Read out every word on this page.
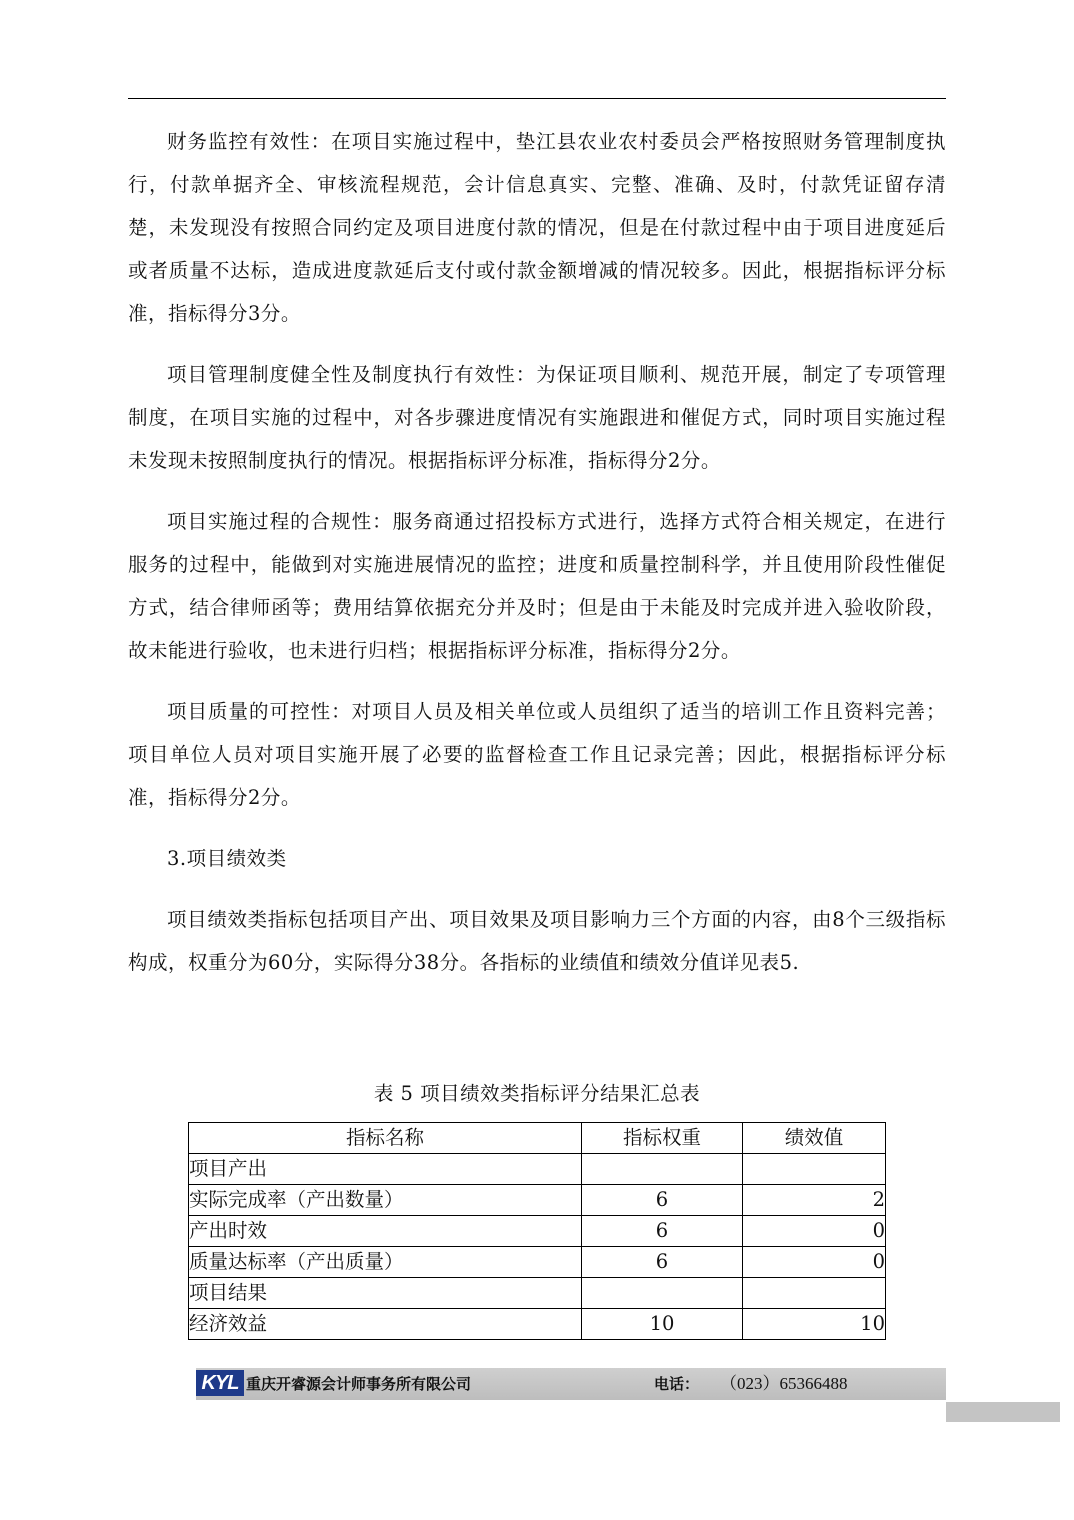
财务监控有效性：在项目实施过程中，垫江县农业农村委员会严格按照财务管理制度执行，付款单据齐全、审核流程规范，会计信息真实、完整、准确、及时，付款凭证留存清楚，未发现没有按照合同约定及项目进度付款的情况，但是在付款过程中由于项目进度延后或者质量不达标，造成进度款延后支付或付款金额增减的情况较多。因此，根据指标评分标准，指标得分3分。

项目管理制度健全性及制度执行有效性：为保证项目顺利、规范开展，制定了专项管理制度，在项目实施的过程中，对各步骤进度情况有实施跟进和催促方式，同时项目实施过程未发现未按照制度执行的情况。根据指标评分标准，指标得分2分。

项目实施过程的合规性：服务商通过招投标方式进行，选择方式符合相关规定，在进行服务的过程中，能做到对实施进展情况的监控；进度和质量控制科学，并且使用阶段性催促方式，结合律师函等；费用结算依据充分并及时；但是由于未能及时完成并进入验收阶段，故未能进行验收，也未进行归档；根据指标评分标准，指标得分2分。

项目质量的可控性：对项目人员及相关单位或人员组织了适当的培训工作且资料完善；项目单位人员对项目实施开展了必要的监督检查工作且记录完善；因此，根据指标评分标准，指标得分2分。

3.项目绩效类

项目绩效类指标包括项目产出、项目效果及项目影响力三个方面的内容，由8个三级指标构成，权重分为60分，实际得分38分。各指标的业绩值和绩效分值详见表5.

表 5 项目绩效类指标评分结果汇总表
指标名称	指标权重	绩效值
项目产出		
实际完成率（产出数量）	6	2
产出时效	6	0
质量达标率（产出质量）	6	0
项目结果		
经济效益	10	10
KYL 重庆开睿源会计师事务所有限公司	电话： （023）65366488
